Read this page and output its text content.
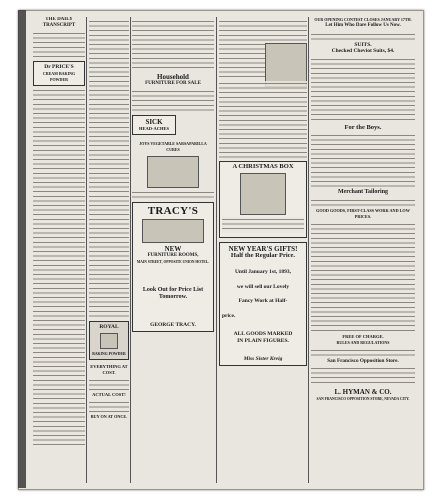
THE DAILY TRANSCRIPT
Dr PRICE'S
CREAM BAKING POWDER
ROYAL
BAKING POWDER
EVERYTHING AT COST.
ACTUAL COST!
BUY ON AT ONCE.
Household
FURNITURE FOR SALE
SICK
HEAD-ACHES
JOYS VEGETABLE SARSAPARILLA
CURES
TRACY'S
NEW
FURNITURE ROOMS,
MAIN STREET, OPPOSITE UNION HOTEL.
Look Out for Price List Tomorrow.
GEORGE TRACY.
A CHRISTMAS BOX
NEW YEAR'S GIFTS!
Half the Regular Price.
Until January 1st, 1893,
we will sell our Lovely
Fancy Work at Half-
price.
ALL GOODS MARKED
IN PLAIN FIGURES.
Miss Sister Kreig
OUR OPENING CONTEST CLOSES JANUARY 17TH.
Let Him Who Dare Follow Us Now.
SUITS.
Checked Cheviot Suits, $4.
For the Boys.
Merchant Tailoring
GOOD GOODS, FIRST-CLASS WORK AND LOW PRICES.
FREE OF CHARGE.
RULES AND REGULATIONS
San Francisco Opposition Store.
L. HYMAN & CO.
SAN FRANCISCO OPPOSITION STORE, NEVADA CITY.
